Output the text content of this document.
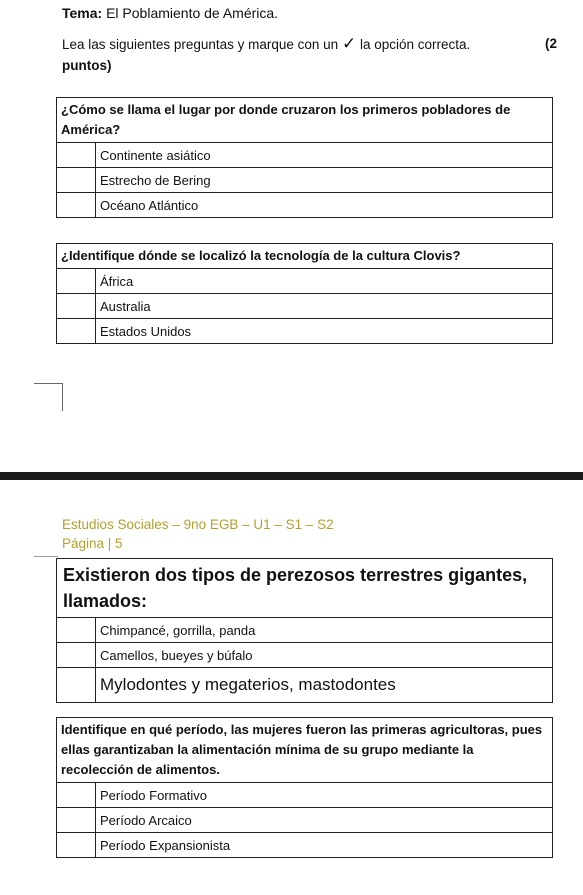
Tema: El Poblamiento de América.
Lea las siguientes preguntas y marque con un ✓ la opción correcta.	(2
puntos)
¿Cómo se llama el lugar por donde cruzaron los primeros pobladores de América?	
	Continente asiático
	Estrecho de Bering
	Océano Atlántico
¿Identifique dónde se localizó la tecnología de la cultura Clovis?	
	África
	Australia
	Estados Unidos
Estudios Sociales – 9no EGB – U1 – S1 – S2
Página | 5
Existieron dos tipos de perezosos terrestres gigantes, llamados:	
	Chimpancé, gorrilla, panda
	Camellos, bueyes y búfalo
	Mylodontes y megaterios, mastodontes
Identifique en qué período, las mujeres fueron las primeras agricultoras, pues ellas garantizaban la alimentación mínima de su grupo mediante la recolección de alimentos.	
	Período Formativo
	Período Arcaico
	Período Expansionista
